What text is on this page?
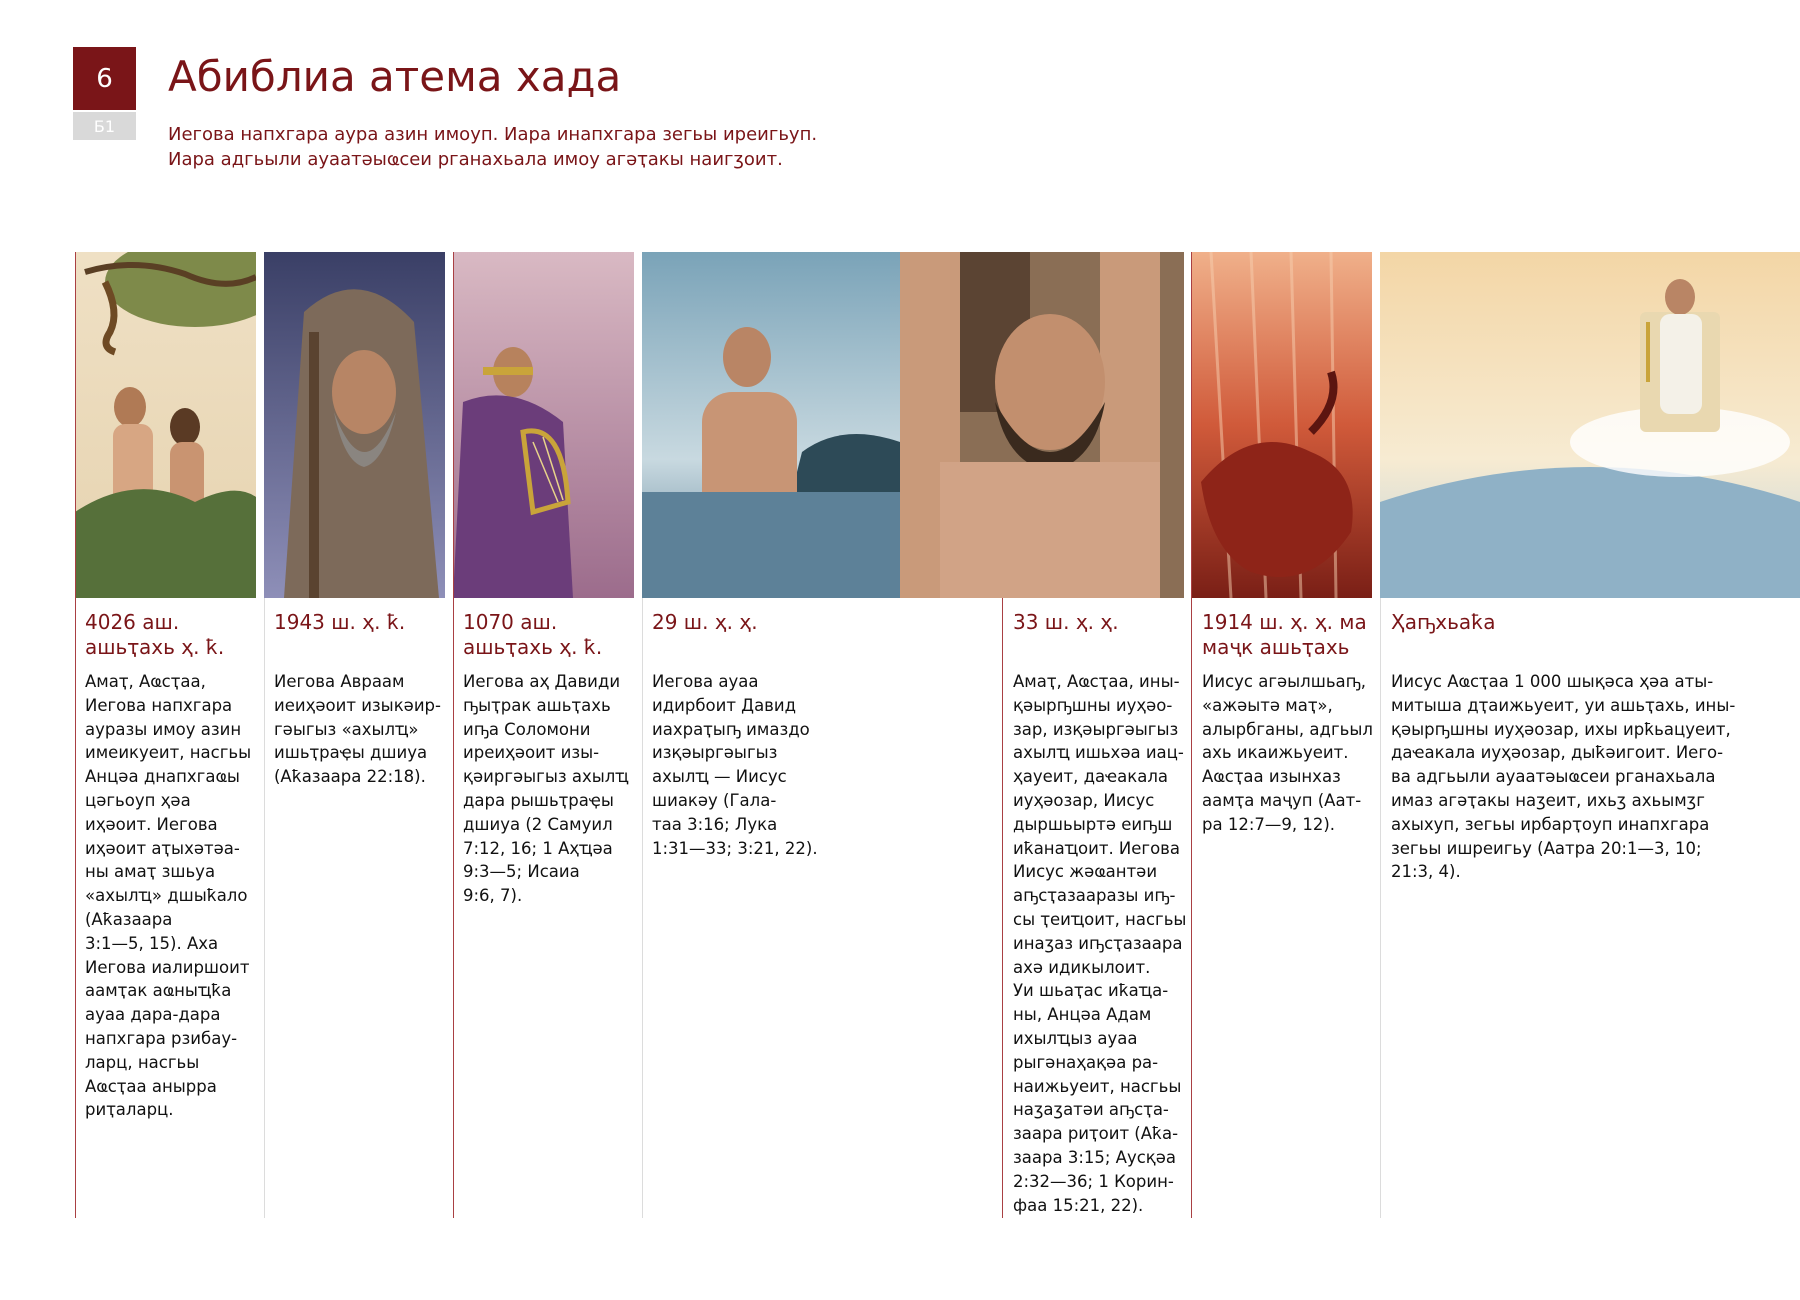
6
Б1
Абиблиа атема хада
Иегова напхгара аура азин имоуп. Иара инапхгара зегьы иреигьуп.
Иара адгьыли ауаатәыҩсеи рганахьала имоу агәҭакы наигӡоит.
4026 аш.
ашьҭахь ҳ. ҟ.

Амаҭ, Аҩсҭаа,
Иегова напхгара
ауразы имоу азин
имеикуеит, насгьы
Анцәа днапхгаҩы
цәгьоуп ҳәа
иҳәоит. Иегова
иҳәоит аҭыхәтәа-
ны амаҭ зшьуа
«ахылҵ» дшыҟало
(Аҟазаара
3:1—5, 15). Аха
Иегова иалиршоит
аамҭак аҩныҵҟа
ауаа дара-дара
напхгара рзибау-
ларц, насгьы
Аҩсҭаа анырра
риҭаларц.

1943 ш. ҳ. ҟ.

Иегова Авраам
иеиҳәоит изыкәир-
гәыгыз «ахылҵ»
ишьҭраҿы дшиуа
(Аҟазаара 22:18).

1070 аш.
ашьҭахь ҳ. ҟ.

Иегова аҳ Давиди
ҧыҭрак ашьҭахь
иҧа Соломони
иреиҳәоит изы-
қәиргәыгыз ахылҵ
дара рышьҭраҿы
дшиуа (2 Самуил
7:12, 16; 1 Аҳҵәа
9:3—5; Исаиа
9:6, 7).

29 ш. ҳ. ҳ.

Иегова ауаа
идирбоит Давид
иахраҭыҧ имаздо
изқәыргәыгыз
ахылҵ — Иисус
шиакәу (Гала-
таа 3:16; Лука
1:31—33; 3:21, 22).

33 ш. ҳ. ҳ.

Амаҭ, Аҩсҭаа, ины-
қәырҧшны иуҳәо-
зар, изқәыргәыгыз
ахылҵ ишьхәа иац-
ҳауеит, даҽакала
иуҳәозар, Иисус
дыршьыртә еиҧш
иҟанаҵоит. Иегова
Иисус жәҩантәи
аҧсҭазааразы иҧ-
сы ҭеиҵоит, насгьы
инаӡаз иҧсҭазаара
ахә идикылоит.
Уи шьаҭас иҟаҵа-
ны, Анцәа Адам
ихылҵыз ауаа
рыгәнаҳақәа ра-
наижьуеит, насгьы
наӡаӡатәи аҧсҭа-
заара риҭоит (Аҟа-
заара 3:15; Аусқәа
2:32—36; 1 Корин-
фаа 15:21, 22).

1914 ш. ҳ. ҳ. ма
маҷк ашьҭахь

Иисус агәылшьаҧ,
«ажәытә маҭ»,
алырбганы, адгьыл
ахь икаижьуеит.
Аҩсҭаа изынхаз
аамҭа маҷуп (Аат-
ра 12:7—9, 12).

Ҳаҧхьаҟа

Иисус Аҩсҭаа 1 000 шықәса ҳәа аты-
митыша дҭаижьуеит, уи ашьҭахь, ины-
қәырҧшны иуҳәозар, ихы ирҟьацуеит,
даҽакала иуҳәозар, дыҟәигоит. Иего-
ва адгьыли ауаатәыҩсеи рганахьала
имаз агәҭакы наӡеит, ихьӡ ахьымӡг
ахыхуп, зегьы ирбарҭоуп инапхгара
зегьы ишреигьу (Аатра 20:1—3, 10;
21:3, 4).
